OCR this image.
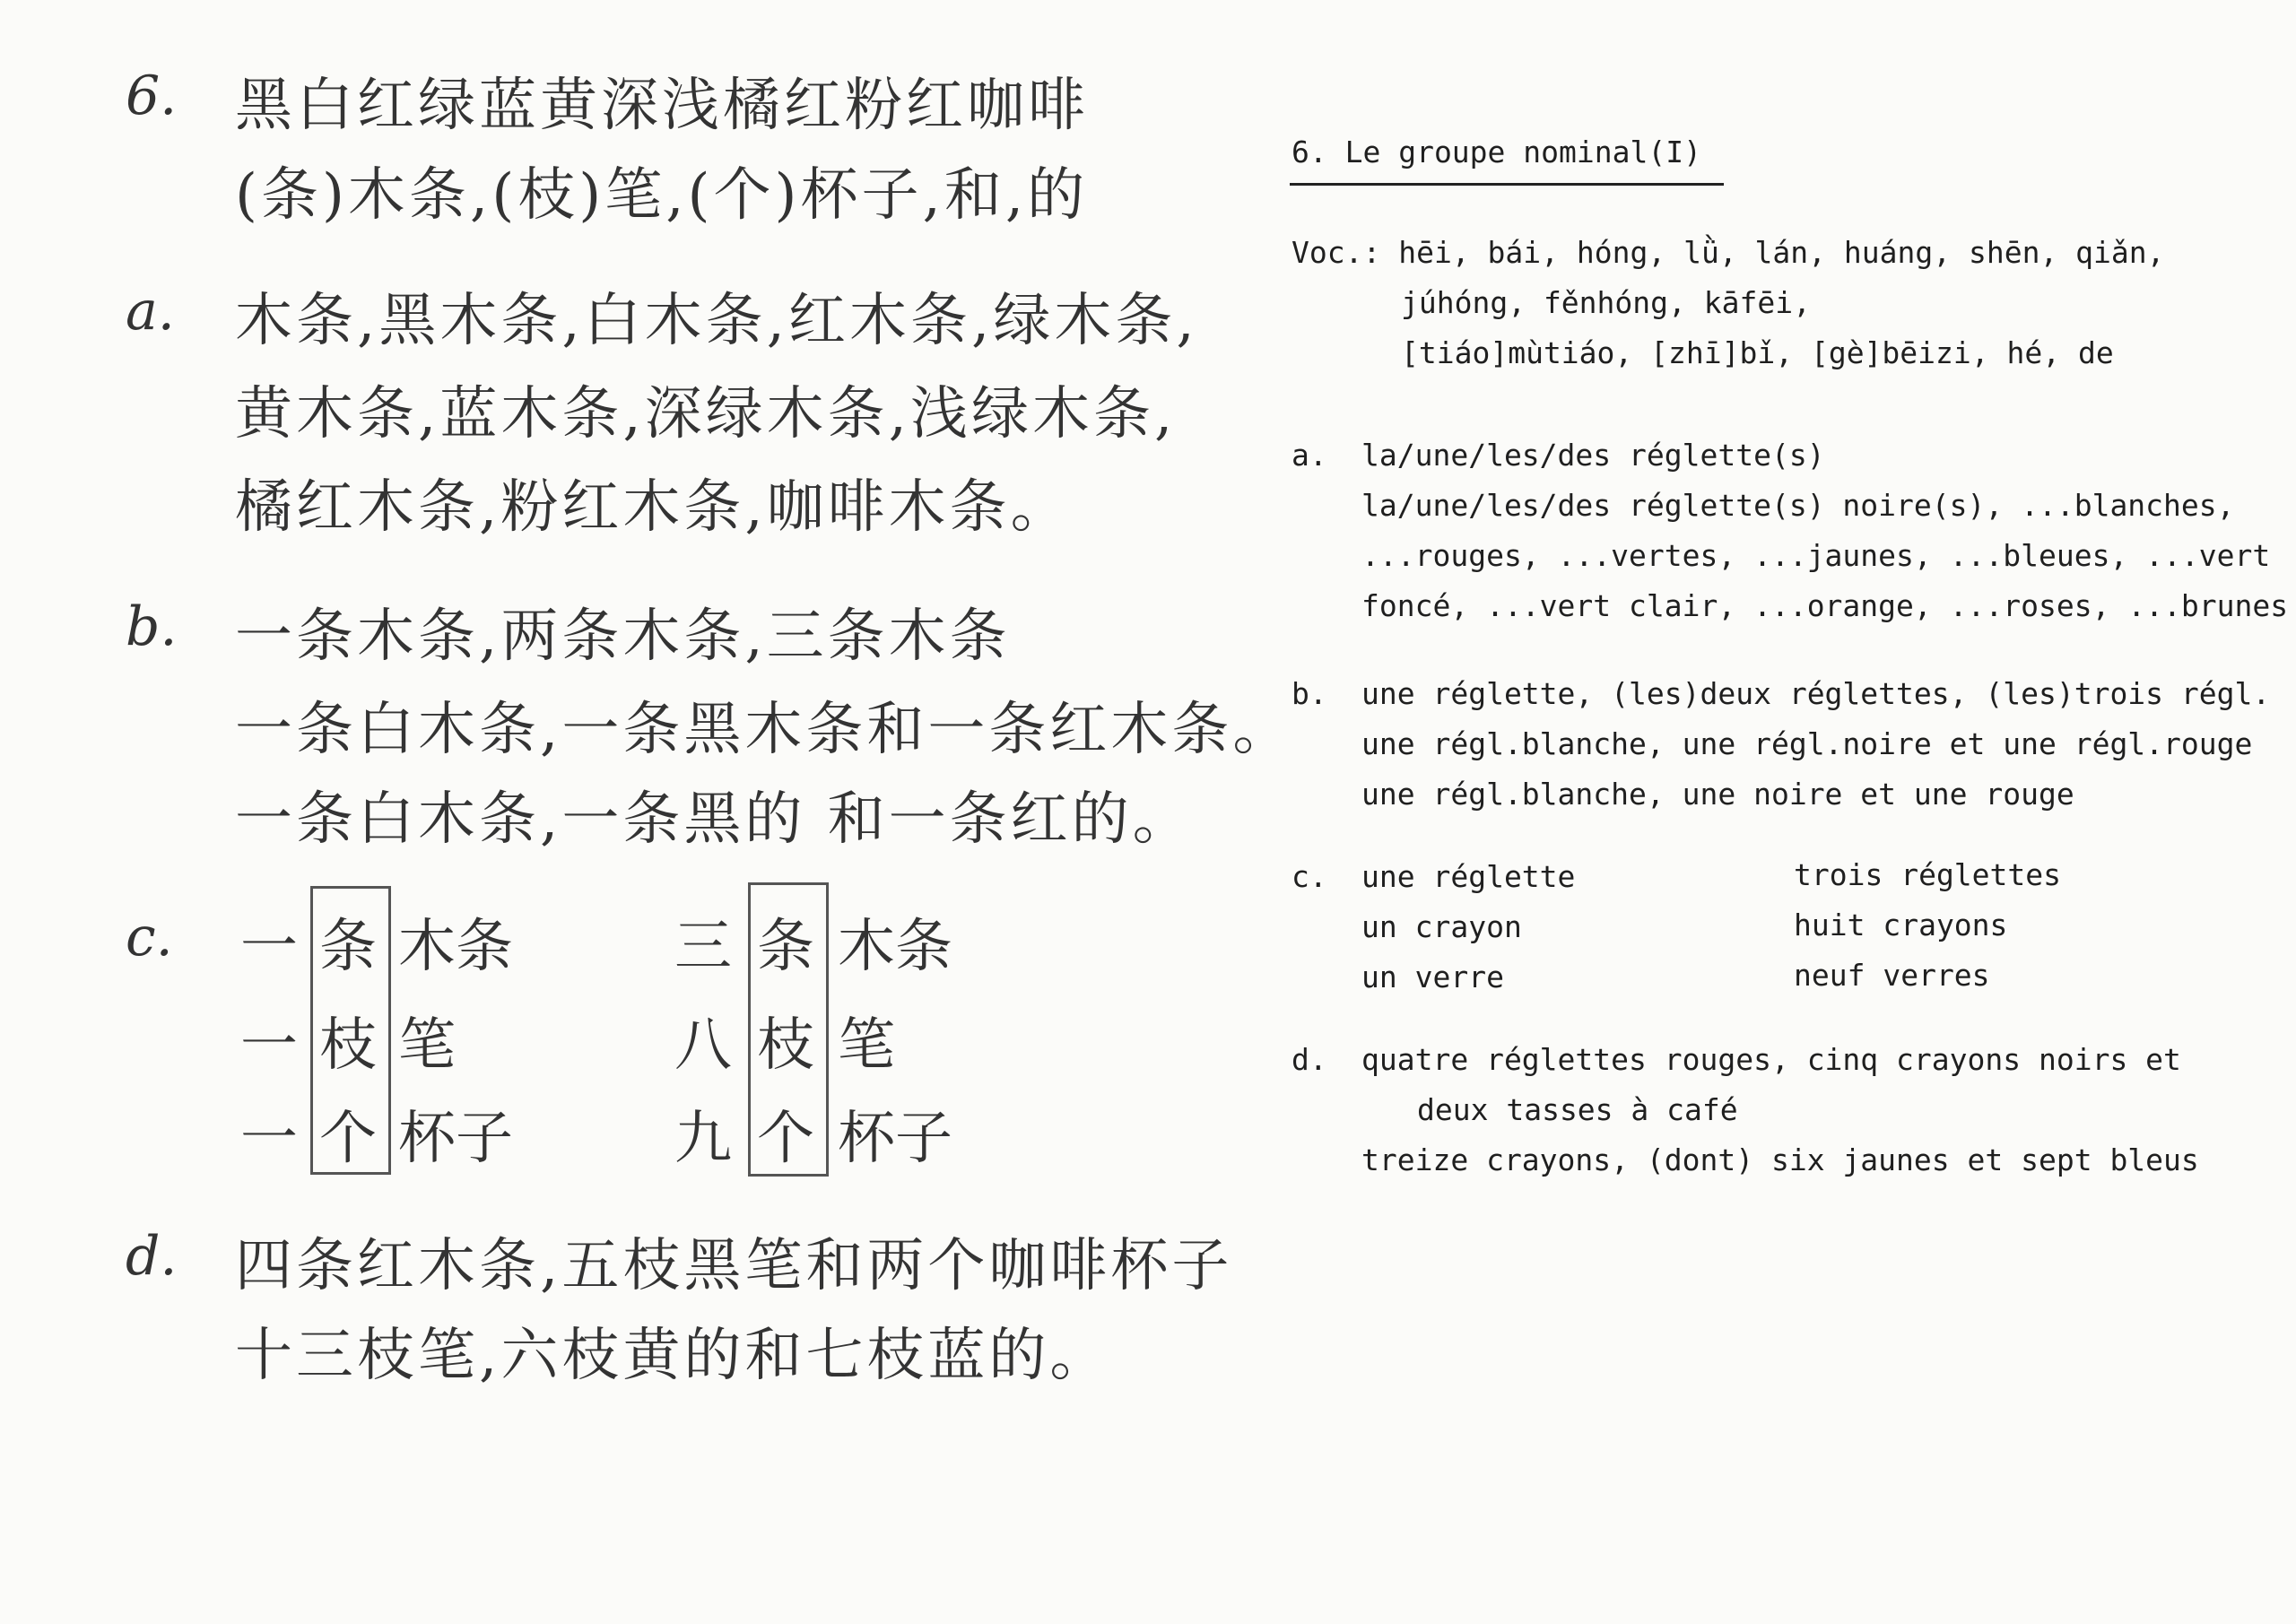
6. 黑白红绿蓝黄深浅橘红粉红咖啡
(条)木条,(枝)笔,(个)杯子,和,的
a. 木条,黑木条,白木条,红木条,绿木条,
黄木条,蓝木条,深绿木条,浅绿木条,
橘红木条,粉红木条,咖啡木条。
b. 一条木条,两条木条,三条木条
一条白木条,一条黑木条和一条红木条。
一条白木条,一条黑的 和一条红的。
c. 一
一
一
条
枝
个
木条
笔
杯子
三
八
九
条
枝
个
木条
笔
杯子
d. 四条红木条,五枝黑笔和两个咖啡杯子
十三枝笔,六枝黄的和七枝蓝的。
6. Le groupe nominal(I)
Voc.: hēi, bái, hóng, lǜ, lán, huáng, shēn, qiǎn,
júhóng, fěnhóng, kāfēi,
[tiáo]mùtiáo, [zhī]bǐ, [gè]bēizi, hé, de
a. la/une/les/des réglette(s)
la/une/les/des réglette(s) noire(s), ...blanches,
...rouges, ...vertes, ...jaunes, ...bleues, ...vert
foncé, ...vert clair, ...orange, ...roses, ...brunes
b. une réglette, (les)deux réglettes, (les)trois régl.
une régl.blanche, une régl.noire et une régl.rouge
une régl.blanche, une noire et une rouge
c. une réglette
un crayon
un verre
trois réglettes
huit crayons
neuf verres
d. quatre réglettes rouges, cinq crayons noirs et
deux tasses à café
treize crayons, (dont) six jaunes et sept bleus
